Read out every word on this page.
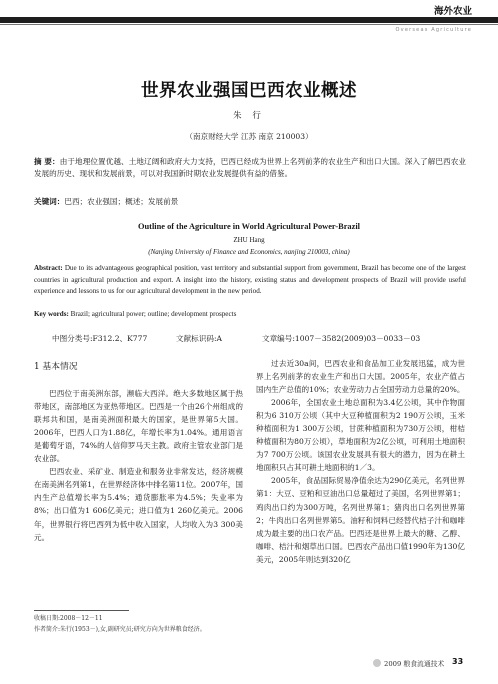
海外农业
Overseas Agriculture
世界农业强国巴西农业概述
朱 行
（南京财经大学 江苏 南京 210003）
摘 要：由于地理位置优越、土地辽阔和政府大力支持，巴西已经成为世界上名列前茅的农业生产和出口大国。深入了解巴西农业发展的历史、现状和发展前景，可以对我国新时期农业发展提供有益的借鉴。
关键词：巴西；农业强国；概述；发展前景
Outline of the Agriculture in World Agricultural Power-Brazil
ZHU Hang
(Nanjing University of Finance and Economics, nanjing 210003, china)
Abstract: Due to its advantageous geographical position, vast territory and substantial support from government, Brazil has become one of the largest countries in agricultural production and export. A insight into the history, existing status and development prospects of Brazil will provide useful experience and lessons to us for our agricultural development in the new period.
Key words: Brazil; agricultural power; outline; development prospects
中图分类号:F312.2、K777	文献标识码:A	文章编号:1007－3582(2009)03－0033－03

1 基本情况

巴西位于南美洲东部，濒临大西洋。绝大多数地区属于热带地区，南部地区为亚热带地区。巴西是一个由26个州组成的联邦共和国，是南美洲面积最大的国家，是世界第5大国。2006年，巴西人口为1.88亿，年增长率为1.04%。通用语言是葡萄牙语，74%的人信仰罗马天主教。政府主管农业部门是农业部。

巴西农业、采矿业、制造业和服务业非常发达，经济规模在南美洲名列第1，在世界经济体中排名第11位。2007年，国内生产总值增长率为5.4%；通货膨胀率为4.5%；失业率为8%；出口值为1 606亿美元；进口值为1 260亿美元。2006年，世界银行将巴西列为低中收入国家，人均收入为3 300美元。

过去近30a间，巴西农业和食品加工业发展迅猛，成为世界上名列前茅的农业生产和出口大国。2005年，农业产值占国内生产总值的10%；农业劳动力占全国劳动力总量的20%。

2006年，全国农业土地总面积为3.4亿公顷，其中作物面积为6 310万公顷（其中大豆种植面积为2 190万公顷，玉米种植面积为1 300万公顷，甘蔗种植面积为730万公顷，柑桔种植面积为80万公顷），草地面积为2亿公顷，可利用土地面积为7 700万公顷。该国农业发展具有很大的潜力，因为在耕土地面积只占其可耕土地面积的1／3。

2005年，食品国际贸易净值余达为290亿美元，名列世界第1：大豆、豆粕和豆油出口总量超过了美国，名列世界第1；鸡肉出口约为300万吨，名列世界第1；猪肉出口名列世界第2；牛肉出口名列世界第5。油籽和饲料已经替代桔子汁和咖啡成为最主要的出口农产品。巴西还是世界上最大的糖、乙醇、咖啡、桔汁和烟草出口国。巴西农产品出口值1990年为130亿美元，2005年则达到320亿

收稿日期:2008－12－11
作者简介:朱行(1953－),女,副研究员;研究方向为世界粮食经济。
2009 粮食流通技术 33
